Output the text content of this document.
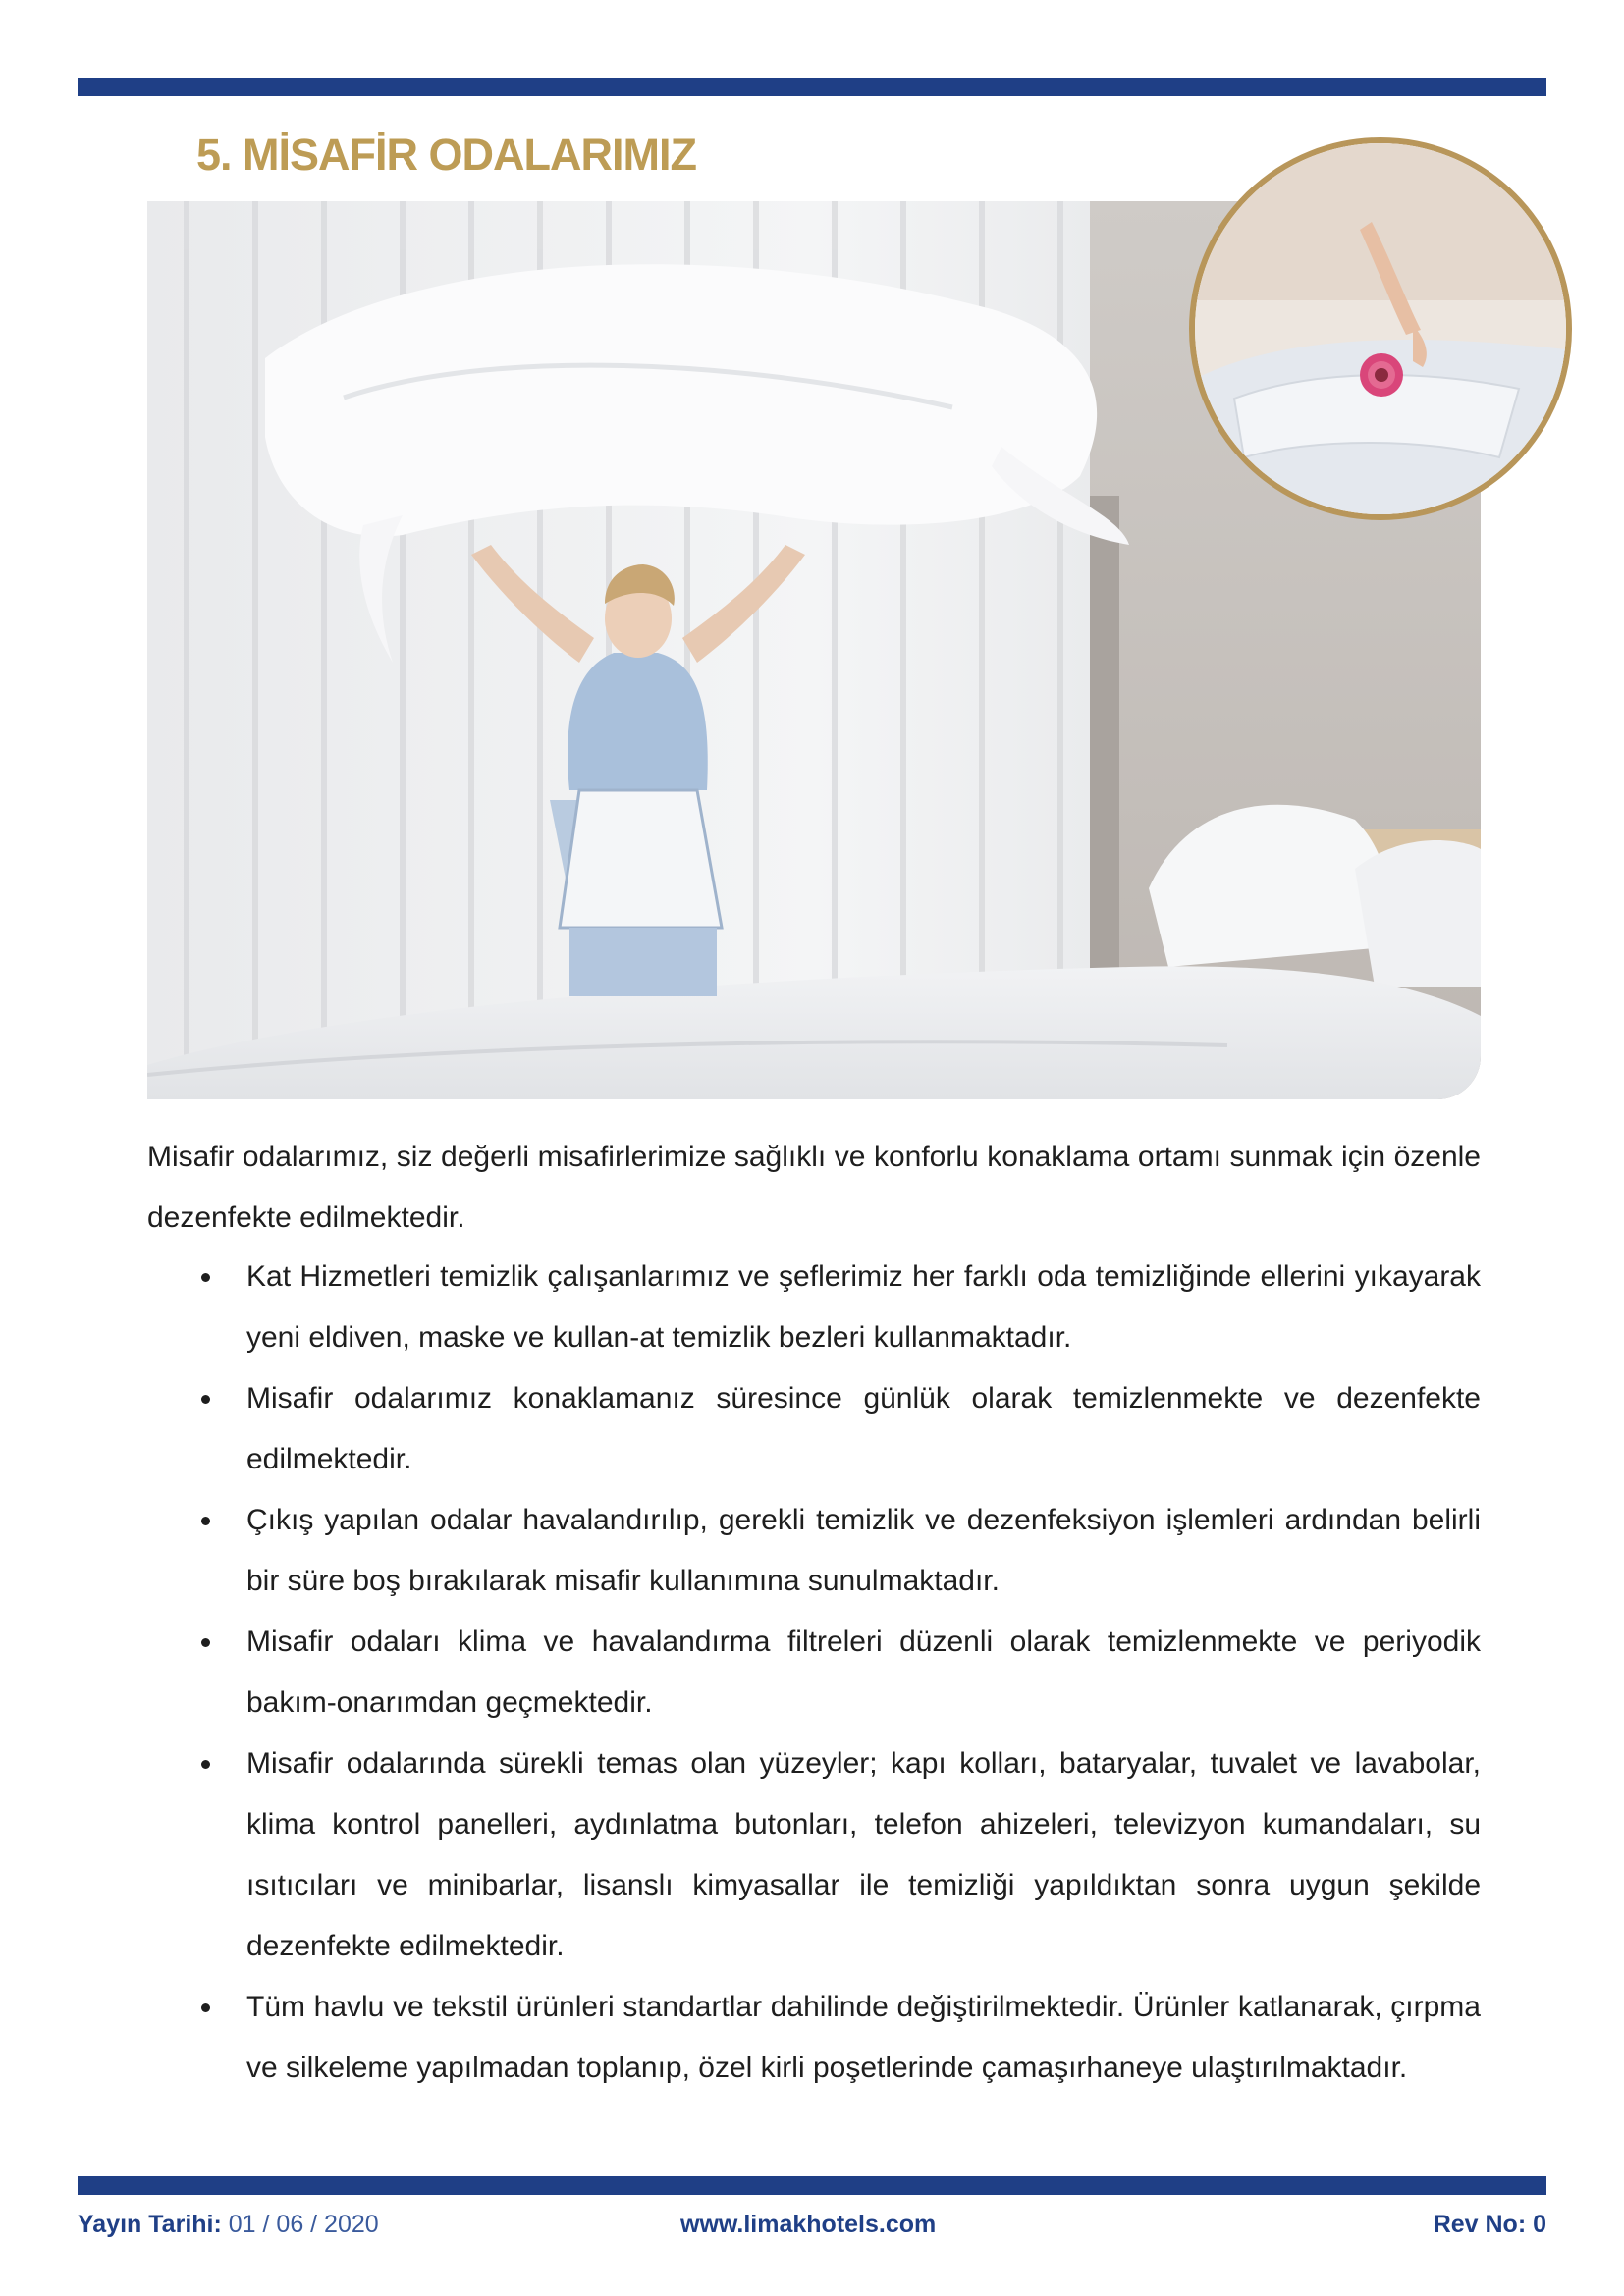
5. MİSAFİR ODALARIMIZ

Misafir odalarımız, siz değerli misafirlerimize sağlıklı ve konforlu konaklama ortamı sunmak için özenle dezenfekte edilmektedir.

Kat Hizmetleri temizlik çalışanlarımız ve şeflerimiz her farklı oda temizliğinde ellerini yıkayarak yeni eldiven, maske ve kullan-at temizlik bezleri kullanmaktadır.
Misafir odalarımız konaklamanız süresince günlük olarak temizlenmekte ve dezenfekte edilmektedir.
Çıkış yapılan odalar havalandırılıp, gerekli temizlik ve dezenfeksiyon işlemleri ardından belirli bir süre boş bırakılarak misafir kullanımına sunulmaktadır.
Misafir odaları klima ve havalandırma filtreleri düzenli olarak temizlenmekte ve periyodik bakım-onarımdan geçmektedir.
Misafir odalarında sürekli temas olan yüzeyler; kapı kolları, bataryalar, tuvalet ve lavabolar, klima kontrol panelleri, aydınlatma butonları, telefon ahizeleri, televizyon kumandaları, su ısıtıcıları ve minibarlar, lisanslı kimyasallar ile temizliği yapıldıktan sonra uygun şekilde dezenfekte edilmektedir.
Tüm havlu ve tekstil ürünleri standartlar dahilinde değiştirilmektedir. Ürünler katlanarak, çırpma ve silkeleme yapılmadan toplanıp, özel kirli poşetlerinde çamaşırhaneye ulaştırılmaktadır.
Yayın Tarihi: 01 / 06 / 2020	www.limakhotels.com	Rev No: 0
